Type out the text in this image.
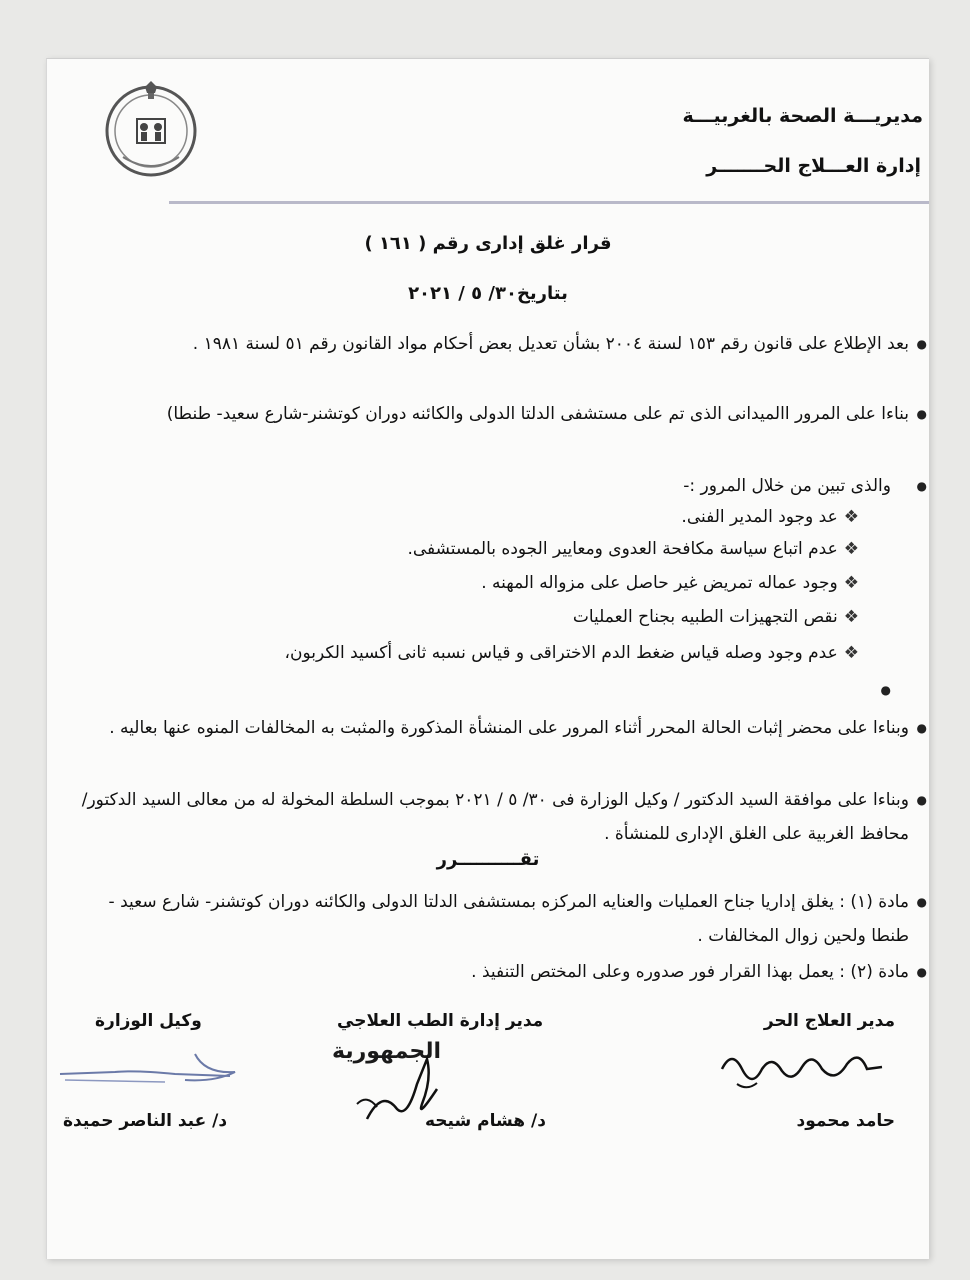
مديريـــة الصحة بالغربيـــة
إدارة العـــلاج الحـــــــر
قرار غلق إدارى رقم ( ١٦١ )
بتاريخ٣٠/ ٥ / ٢٠٢١
●
بعد الإطلاع على قانون رقم ١٥٣ لسنة ٢٠٠٤ بشأن تعديل بعض أحكام مواد القانون رقم ٥١ لسنة ١٩٨١ .
●
بناءا على المرور االميدانى الذى تم على مستشفى الدلتا الدولى والكائنه دوران كوتشنر-شارع سعيد- طنطا)
●
والذى تبين من خلال المرور :-
❖عد وجود المدير الفنى.
❖عدم اتباع سياسة مكافحة العدوى ومعايير الجوده بالمستشفى.
❖وجود عماله تمريض غير حاصل على مزواله المهنه .
❖نقص التجهيزات الطبيه بجناح العمليات
❖عدم وجود وصله قياس ضغط الدم الاختراقى و قياس نسبه ثانى أكسيد الكربون،
●
●
وبناءا على محضر إثبات الحالة المحرر أثناء المرور على المنشأة المذكورة والمثبت به المخالفات المنوه عنها بعاليه .
●
وبناءا على موافقة السيد الدكتور / وكيل الوزارة فى ٣٠/ ٥ / ٢٠٢١ بموجب السلطة المخولة له من معالى السيد الدكتور/ محافظ الغربية على الغلق الإدارى للمنشأة .
تقــــــــــرر
●
مادة (١) : يغلق إداريا جناح العمليات والعنايه المركزه بمستشفى الدلتا الدولى والكائنه دوران كوتشنر- شارع سعيد - طنطا ولحين زوال المخالفات .
●
مادة (٢) : يعمل بهذا القرار فور صدوره وعلى المختص التنفيذ .
مدير العلاج الحر
مدير إدارة الطب العلاجي
وكيل الوزارة
الجمهورية
حامد محمود
د/ هشام شيحه
د/ عبد الناصر حميدة
